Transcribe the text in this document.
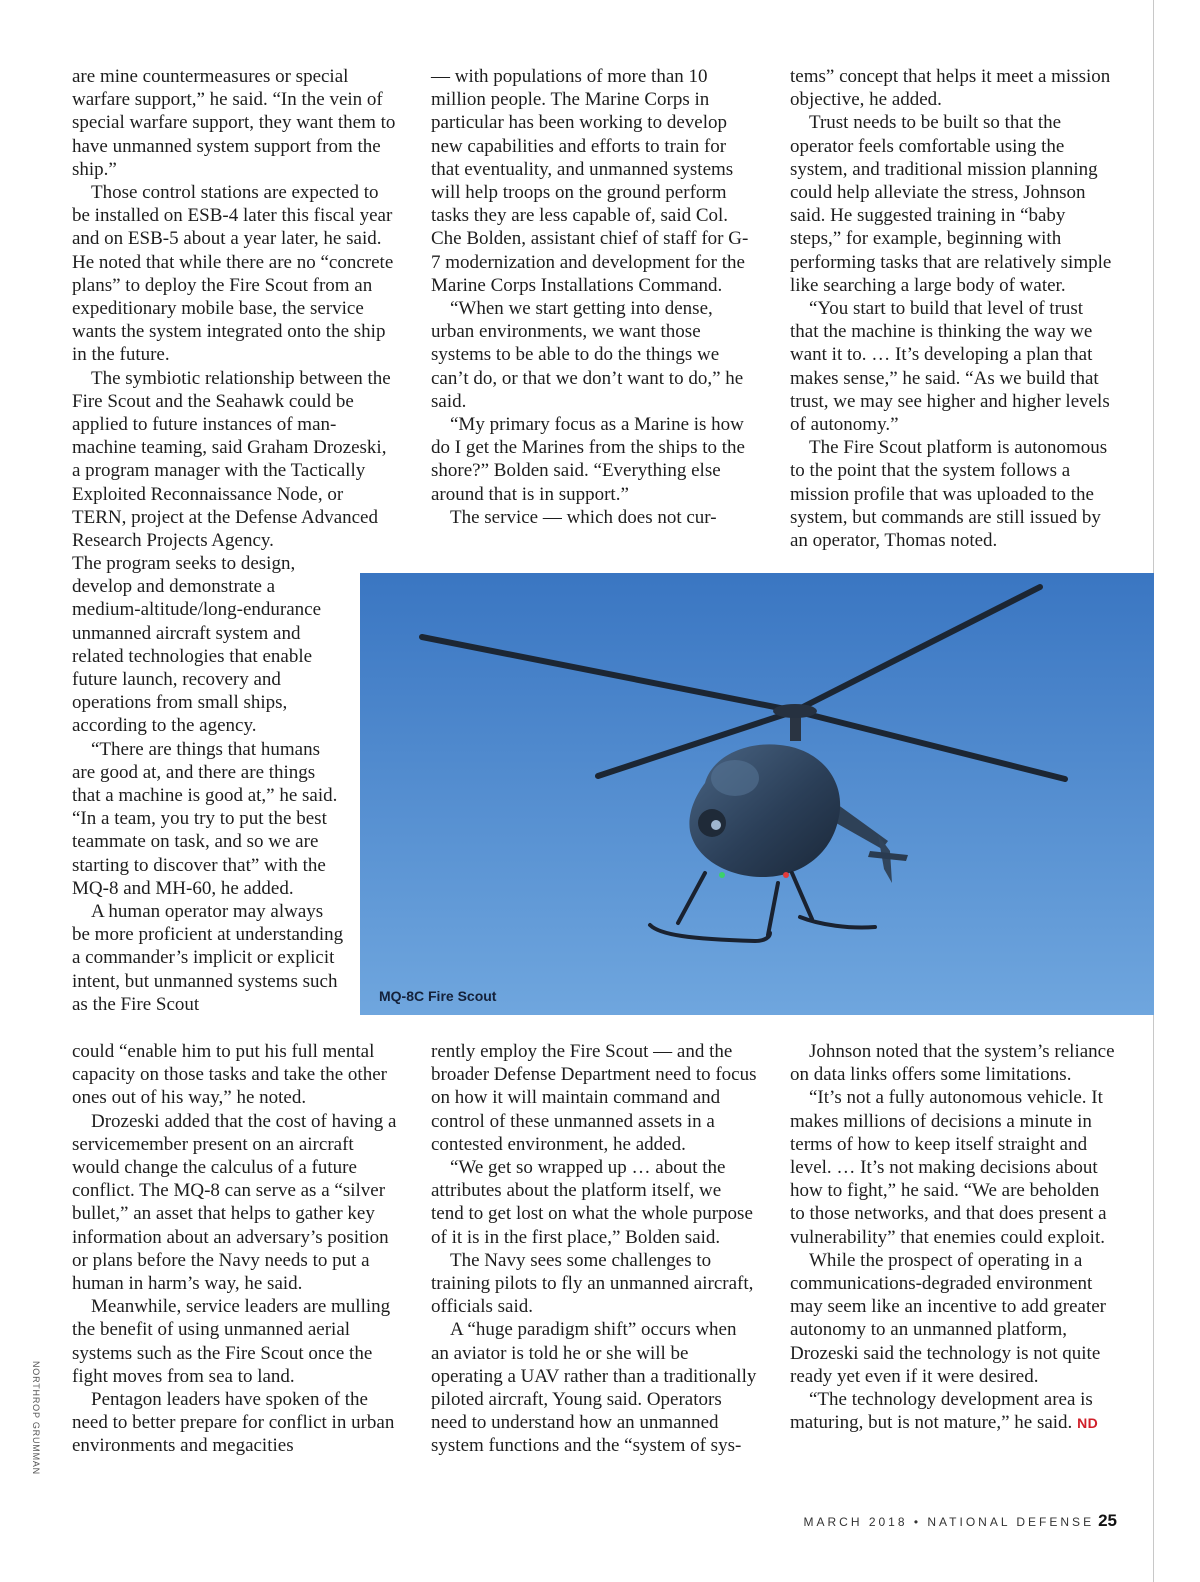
are mine countermeasures or special warfare support,” he said. “In the vein of special warfare support, they want them to have unmanned system support from the ship.”

Those control stations are expected to be installed on ESB-4 later this fiscal year and on ESB-5 about a year later, he said. He noted that while there are no “concrete plans” to deploy the Fire Scout from an expeditionary mobile base, the service wants the system integrated onto the ship in the future.

The symbiotic relationship between the Fire Scout and the Seahawk could be applied to future instances of man-machine teaming, said Graham Drozeski, a program manager with the Tactically Exploited Reconnaissance Node, or TERN, project at the Defense Advanced Research Projects Agency.

The program seeks to design, develop and demonstrate a medium-altitude/long-endurance unmanned aircraft system and related technologies that enable future launch, recovery and operations from small ships, according to the agency.

“There are things that humans are good at, and there are things that a machine is good at,” he said. “In a team, you try to put the best teammate on task, and so we are starting to discover that” with the MQ-8 and MH-60, he added.

A human operator may always be more proficient at understanding a commander’s implicit or explicit intent, but unmanned systems such as the Fire Scout

could “enable him to put his full mental capacity on those tasks and take the other ones out of his way,” he noted.

Drozeski added that the cost of having a servicemember present on an aircraft would change the calculus of a future conflict. The MQ-8 can serve as a “silver bullet,” an asset that helps to gather key information about an adversary’s position or plans before the Navy needs to put a human in harm’s way, he said.

Meanwhile, service leaders are mulling the benefit of using unmanned aerial systems such as the Fire Scout once the fight moves from sea to land.

Pentagon leaders have spoken of the need to better prepare for conflict in urban environments and megacities

— with populations of more than 10 million people. The Marine Corps in particular has been working to develop new capabilities and efforts to train for that eventuality, and unmanned systems will help troops on the ground perform tasks they are less capable of, said Col. Che Bolden, assistant chief of staff for G-7 modernization and development for the Marine Corps Installations Command.

“When we start getting into dense, urban environments, we want those systems to be able to do the things we can’t do, or that we don’t want to do,” he said.

“My primary focus as a Marine is how do I get the Marines from the ships to the shore?” Bolden said. “Everything else around that is in support.”

The service — which does not cur-

rently employ the Fire Scout — and the broader Defense Department need to focus on how it will maintain command and control of these unmanned assets in a contested environment, he added.

“We get so wrapped up … about the attributes about the platform itself, we tend to get lost on what the whole purpose of it is in the first place,” Bolden said.

The Navy sees some challenges to training pilots to fly an unmanned aircraft, officials said.

A “huge paradigm shift” occurs when an aviator is told he or she will be operating a UAV rather than a traditionally piloted aircraft, Young said. Operators need to understand how an unmanned system functions and the “system of sys-

tems” concept that helps it meet a mission objective, he added.

Trust needs to be built so that the operator feels comfortable using the system, and traditional mission planning could help alleviate the stress, Johnson said. He suggested training in “baby steps,” for example, beginning with performing tasks that are relatively simple like searching a large body of water.

“You start to build that level of trust that the machine is thinking the way we want it to. … It’s developing a plan that makes sense,” he said. “As we build that trust, we may see higher and higher levels of autonomy.”

The Fire Scout platform is autonomous to the point that the system follows a mission profile that was uploaded to the system, but commands are still issued by an operator, Thomas noted.

Johnson noted that the system’s reliance on data links offers some limitations.

“It’s not a fully autonomous vehicle. It makes millions of decisions a minute in terms of how to keep itself straight and level. … It’s not making decisions about how to fight,” he said. “We are beholden to those networks, and that does present a vulnerability” that enemies could exploit.

While the prospect of operating in a communications-degraded environment may seem like an incentive to add greater autonomy to an unmanned platform, Drozeski said the technology is not quite ready yet even if it were desired.

“The technology development area is maturing, but is not mature,” he said. ND

MQ-8C Fire Scout
NORTHROP GRUMMAN
MARCH 2018 • NATIONAL DEFENSE 25
